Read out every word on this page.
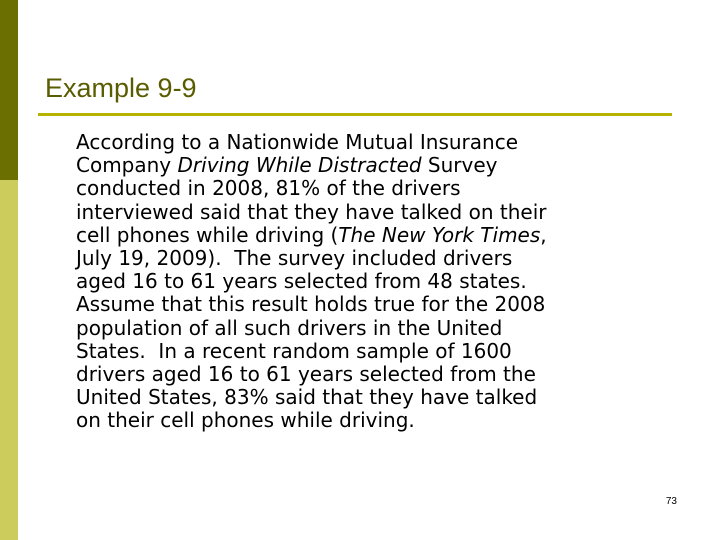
Example 9-9
According to a Nationwide Mutual Insurance
Company Driving While Distracted Survey
conducted in 2008, 81% of the drivers
interviewed said that they have talked on their
cell phones while driving (The New York Times,
July 19, 2009).  The survey included drivers
aged 16 to 61 years selected from 48 states.
Assume that this result holds true for the 2008
population of all such drivers in the United
States.  In a recent random sample of 1600
drivers aged 16 to 61 years selected from the
United States, 83% said that they have talked
on their cell phones while driving.
73
